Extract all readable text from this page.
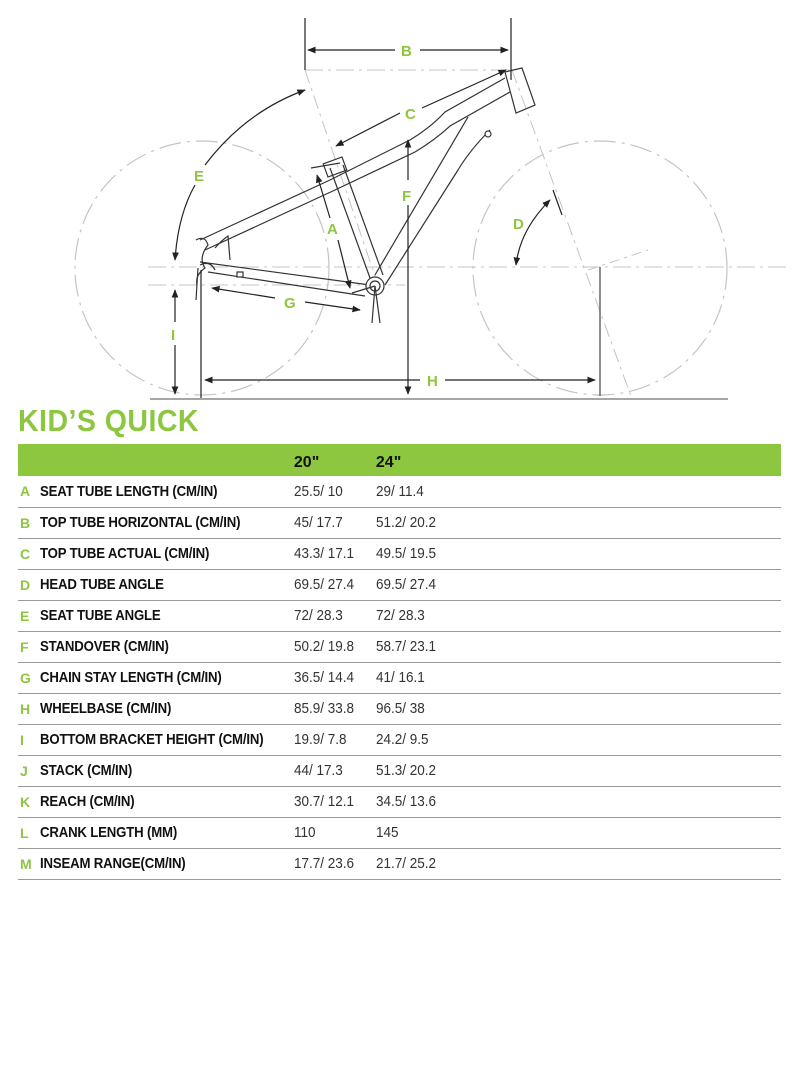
B
C
E
F
A	D
G
I
H
KID’S QUICK
		20"	24"
A	SEAT TUBE LENGTH (CM/IN)	25.5/ 10	29/ 11.4
B	TOP TUBE HORIZONTAL (CM/IN)	45/ 17.7	51.2/ 20.2
C	TOP TUBE ACTUAL (CM/IN)	43.3/ 17.1	49.5/ 19.5
D	HEAD TUBE ANGLE	69.5/ 27.4	69.5/ 27.4
E	SEAT TUBE ANGLE	72/ 28.3	72/ 28.3
F	STANDOVER (CM/IN)	50.2/ 19.8	58.7/ 23.1
G	CHAIN STAY LENGTH (CM/IN)	36.5/ 14.4	41/ 16.1
H	WHEELBASE (CM/IN)	85.9/ 33.8	96.5/ 38
I	BOTTOM BRACKET HEIGHT (CM/IN)	19.9/ 7.8	24.2/ 9.5
J	STACK (CM/IN)	44/ 17.3	51.3/ 20.2
K	REACH (CM/IN)	30.7/ 12.1	34.5/ 13.6
L	CRANK LENGTH (MM)	110	145
M	INSEAM RANGE(CM/IN)	17.7/ 23.6	21.7/ 25.2
